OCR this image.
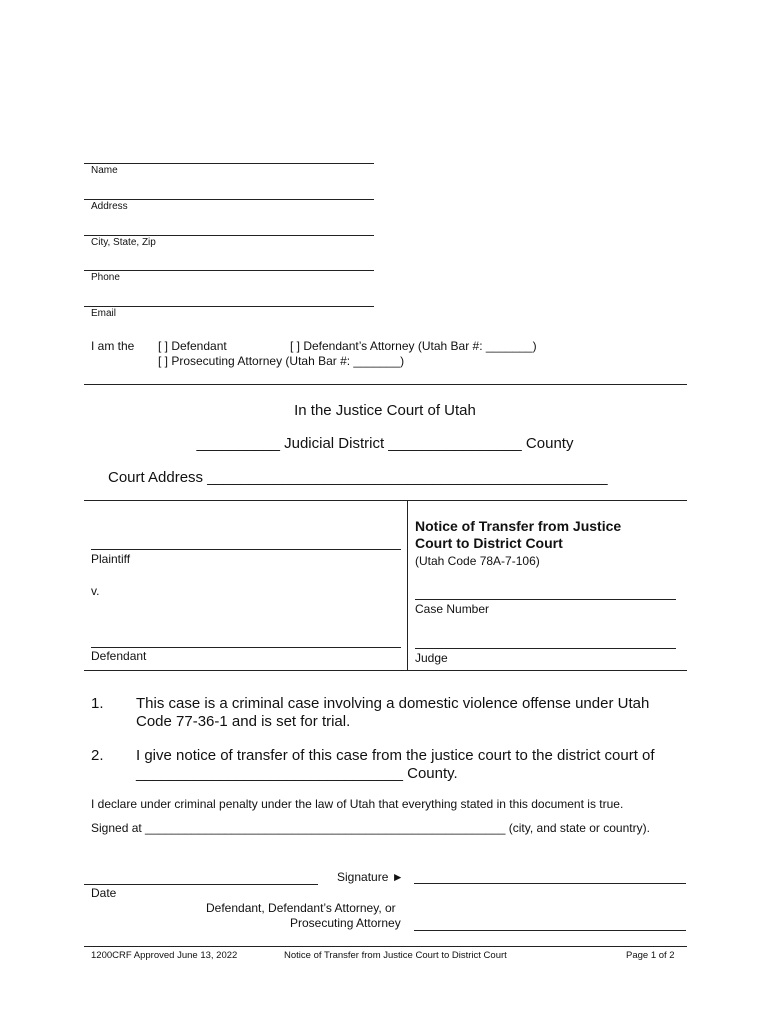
Name
Address
City, State, Zip
Phone
Email
I am the [ ] Defendant	[ ] Defendant’s Attorney (Utah Bar #: _______)
[ ] Prosecuting Attorney (Utah Bar #: _______)
In the Justice Court of Utah
__________ Judicial District ________________ County
Court Address ________________________________________________
Plaintiff
v.
Defendant
Notice of Transfer from Justice Court to District Court
(Utah Code 78A-7-106)
Case Number
Judge
1. This case is a criminal case involving a domestic violence offense under Utah Code 77-36-1 and is set for trial.
2. I give notice of transfer of this case from the justice court to the district court of ________________________________ County.
I declare under criminal penalty under the law of Utah that everything stated in this document is true.
Signed at ______________________________________________________ (city, and state or country).
Date
Signature ►
Defendant, Defendant’s Attorney, or
Prosecuting Attorney
1200CRF Approved June 13, 2022	Notice of Transfer from Justice Court to District Court	Page 1 of 2
